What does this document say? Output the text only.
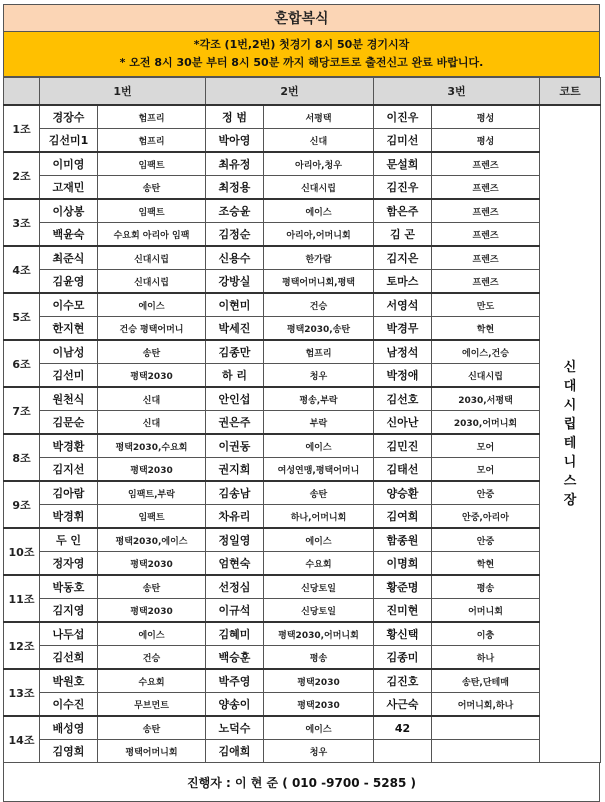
혼합복식
*각조 (1번,2번) 첫경기 8시 50분 경기시작
* 오전 8시 30분 부터 8시 50분 까지 해당코트로 출전신고 완료 바랍니다.
	1번		2번		3번		코트
1조	경장수	험프리	정 범	서평택	이진우	평성	신대시립테니스장
	김선미1	험프리	박아영	신대	김미선	평성	
2조	이미영	임팩트	최유정	아리아,청우	문설희	프렌즈	
	고재민	송탄	최정용	신대시립	김진우	프렌즈	
3조	이상봉	임팩트	조승윤	에이스	함은주	프렌즈	
	백윤숙	수요회 아리아 임팩	김정순	아리아,어머니회	김 곤	프렌즈	
4조	최준식	신대시립	신용수	한가람	김지은	프렌즈	
	김윤영	신대시립	강방실	평택어머니회,평택	토마스	프렌즈	
5조	이수모	에이스	이현미	건승	서영석	만도	
	한지현	건승 평택어머니	박세진	평택2030,송탄	박경무	학현	
6조	이남성	송탄	김종만	험프리	남정석	에이스,건승	
	김선미	평택2030	하 리	청우	박정애	신대시립	
7조	원천식	신대	안인섭	평송,부락	김선호	2030,서평택	
	김문순	신대	권은주	부락	신아난	2030,어머니회	
8조	박경환	평택2030,수요회	이권동	에이스	김민진	모어	
	김지선	평택2030	권지희	여성연맹,평택어머니	김태선	모어	
9조	김아람	임팩트,부락	김송남	송탄	양승환	안중	
	박경휘	임팩트	차유리	하나,어머니회	김여희	안중,아리아	
10조	두 인	평택2030,에이스	정일영	에이스	함종원	안중	
	정자영	평택2030	엄현숙	수요회	이명희	학현	
11조	박동호	송탄	선정심	신당토일	황준명	평송	
	김지영	평택2030	이규석	신당토일	진미현	어머니회	
12조	나두섭	에이스	김혜미	평택2030,어머니회	황신택	이충	
	김선희	건승	백승훈	평송	김종미	하나	
13조	박원호	수요회	박주영	평택2030	김진호	송탄,단테매	
	이수진	무브먼트	양송이	평택2030	사근숙	어머니회,하나	
14조	배성영	송탄	노덕수	에이스	42		
	김영희	평택어머니회	김애희	청우			
진행자 : 이 현 준 ( 010 -9700 - 5285 )
